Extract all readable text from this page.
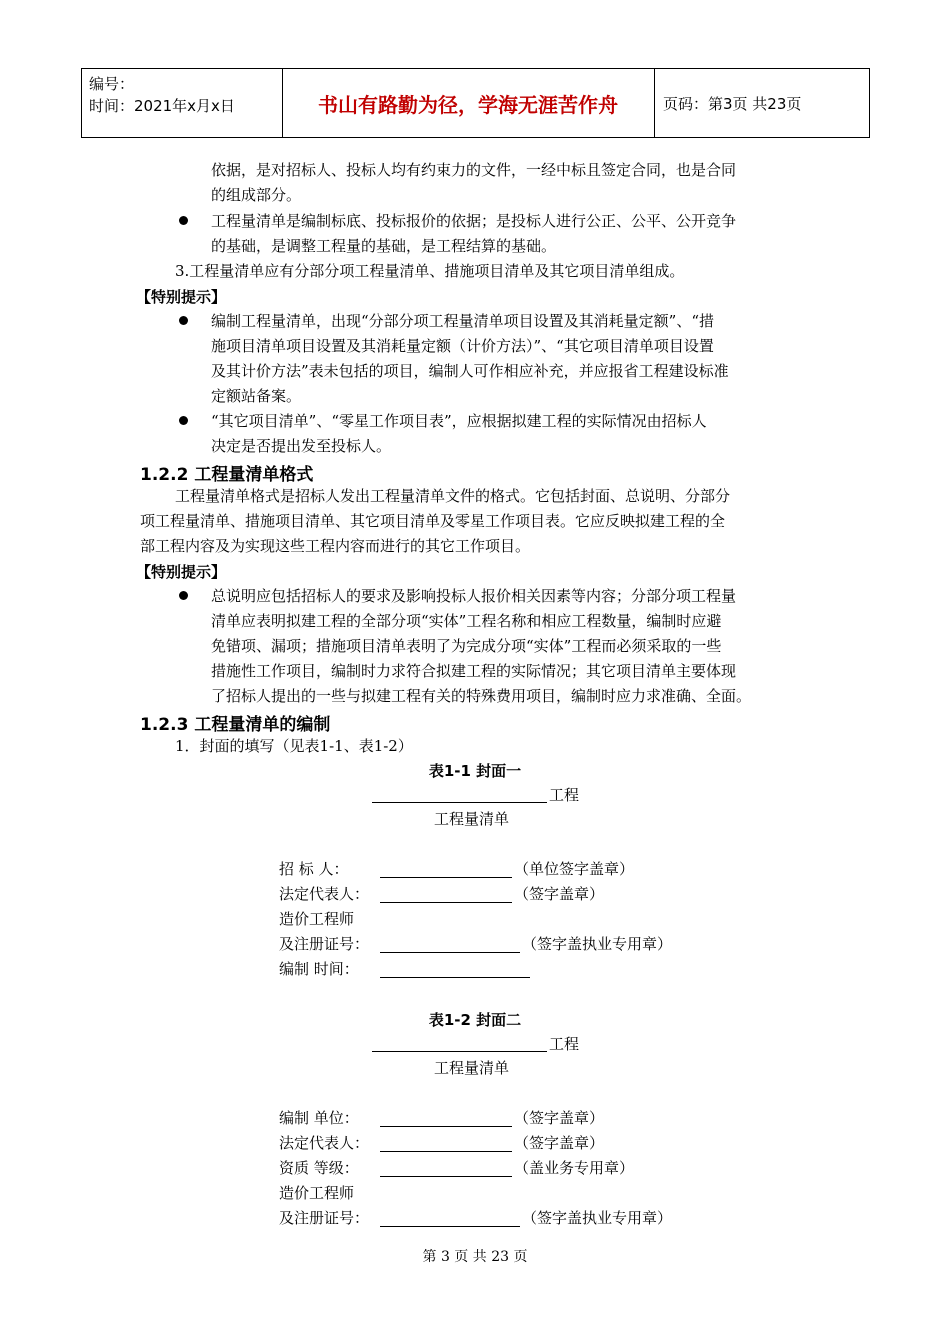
编号：
时间：2021年x月x日	书山有路勤为径，学海无涯苦作舟	页码：第3页 共23页
依据，是对招标人、投标人均有约束力的文件，一经中标且签定合同，也是合同
的组成部分。
工程量清单是编制标底、投标报价的依据；是投标人进行公正、公平、公开竞争
的基础，是调整工程量的基础，是工程结算的基础。
3.工程量清单应有分部分项工程量清单、措施项目清单及其它项目清单组成。
【特别提示】
编制工程量清单，出现“分部分项工程量清单项目设置及其消耗量定额”、“措
施项目清单项目设置及其消耗量定额（计价方法）”、“其它项目清单项目设置
及其计价方法”表未包括的项目，编制人可作相应补充，并应报省工程建设标准
定额站备案。
“其它项目清单”、“零星工作项目表”，应根据拟建工程的实际情况由招标人
决定是否提出发至投标人。
1.2.2 工程量清单格式
工程量清单格式是招标人发出工程量清单文件的格式。它包括封面、总说明、分部分
项工程量清单、措施项目清单、其它项目清单及零星工作项目表。它应反映拟建工程的全
部工程内容及为实现这些工程内容而进行的其它工作项目。
【特别提示】
总说明应包括招标人的要求及影响投标人报价相关因素等内容；分部分项工程量
清单应表明拟建工程的全部分项“实体”工程名称和相应工程数量，编制时应避
免错项、漏项；措施项目清单表明了为完成分项“实体”工程而必须采取的一些
措施性工作项目，编制时力求符合拟建工程的实际情况；其它项目清单主要体现
了招标人提出的一些与拟建工程有关的特殊费用项目，编制时应力求准确、全面。
1.2.3 工程量清单的编制
1．封面的填写（见表1-1、表1-2）
表1-1 封面一
工程
工程量清单
招 标 人：	（单位签字盖章）
法定代表人：	（签字盖章）
造价工程师
及注册证号：	（签字盖执业专用章）
编制 时间：
表1-2 封面二
工程
工程量清单
编制 单位：	（签字盖章）
法定代表人：	（签字盖章）
资质 等级：	（盖业务专用章）
造价工程师
及注册证号：	（签字盖执业专用章）
第 3 页 共 23 页
